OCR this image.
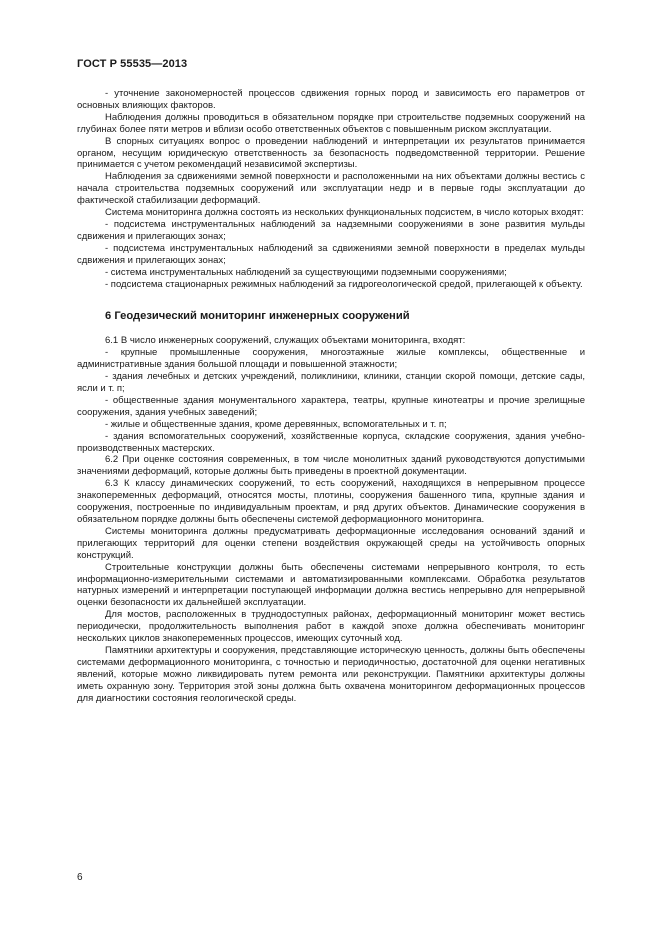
ГОСТ Р 55535—2013

- уточнение закономерностей процессов сдвижения горных пород и зависимость его параметров от основных влияющих факторов.

Наблюдения должны проводиться в обязательном порядке при строительстве подземных сооружений на глубинах более пяти метров и вблизи особо ответственных объектов с повышенным риском эксплуатации.

В спорных ситуациях вопрос о проведении наблюдений и интерпретации их результатов принимается органом, несущим юридическую ответственность за безопасность подведомственной территории. Решение принимается с учетом рекомендаций независимой экспертизы.

Наблюдения за сдвижениями земной поверхности и расположенными на них объектами должны вестись с начала строительства подземных сооружений или эксплуатации недр и в первые годы эксплуатации до фактической стабилизации деформаций.

Система мониторинга должна состоять из нескольких функциональных подсистем, в число которых входят:

- подсистема инструментальных наблюдений за надземными сооружениями в зоне развития мульды сдвижения и прилегающих зонах;

- подсистема инструментальных наблюдений за сдвижениями земной поверхности в пределах мульды сдвижения и прилегающих зонах;

- система инструментальных наблюдений за существующими подземными сооружениями;

- подсистема стационарных режимных наблюдений за гидрогеологической средой, прилегающей к объекту.

6 Геодезический мониторинг инженерных сооружений

6.1 В число инженерных сооружений, служащих объектами мониторинга, входят:

- крупные промышленные сооружения, многоэтажные жилые комплексы, общественные и административные здания большой площади и повышенной этажности;

- здания лечебных и детских учреждений, поликлиники, клиники, станции скорой помощи, детские сады, ясли и т. п;

- общественные здания монументального характера, театры, крупные кинотеатры и прочие зрелищные сооружения, здания учебных заведений;

- жилые и общественные здания, кроме деревянных, вспомогательных и т. п;

- здания вспомогательных сооружений, хозяйственные корпуса, складские сооружения, здания учебно-производственных мастерских.

6.2 При оценке состояния современных, в том числе монолитных зданий руководствуются допустимыми значениями деформаций, которые должны быть приведены в проектной документации.

6.3 К классу динамических сооружений, то есть сооружений, находящихся в непрерывном процессе знакопеременных деформаций, относятся мосты, плотины, сооружения башенного типа, крупные здания и сооружения, построенные по индивидуальным проектам, и ряд других объектов. Динамические сооружения в обязательном порядке должны быть обеспечены системой деформационного мониторинга.

Системы мониторинга должны предусматривать деформационные исследования оснований зданий и прилегающих территорий для оценки степени воздействия окружающей среды на устойчивость опорных конструкций.

Строительные конструкции должны быть обеспечены системами непрерывного контроля, то есть информационно-измерительными системами и автоматизированными комплексами. Обработка результатов натурных измерений и интерпретации поступающей информации должна вестись непрерывно для непрерывной оценки безопасности их дальнейшей эксплуатации.

Для мостов, расположенных в труднодоступных районах, деформационный мониторинг может вестись периодически, продолжительность выполнения работ в каждой эпохе должна обеспечивать мониторинг нескольких циклов знакопеременных процессов, имеющих суточный ход.

Памятники архитектуры и сооружения, представляющие историческую ценность, должны быть обеспечены системами деформационного мониторинга, с точностью и периодичностью, достаточной для оценки негативных явлений, которые можно ликвидировать путем ремонта или реконструкции. Памятники архитектуры должны иметь охранную зону. Территория этой зоны должна быть охвачена мониторингом деформационных процессов для диагностики состояния геологической среды.

6
